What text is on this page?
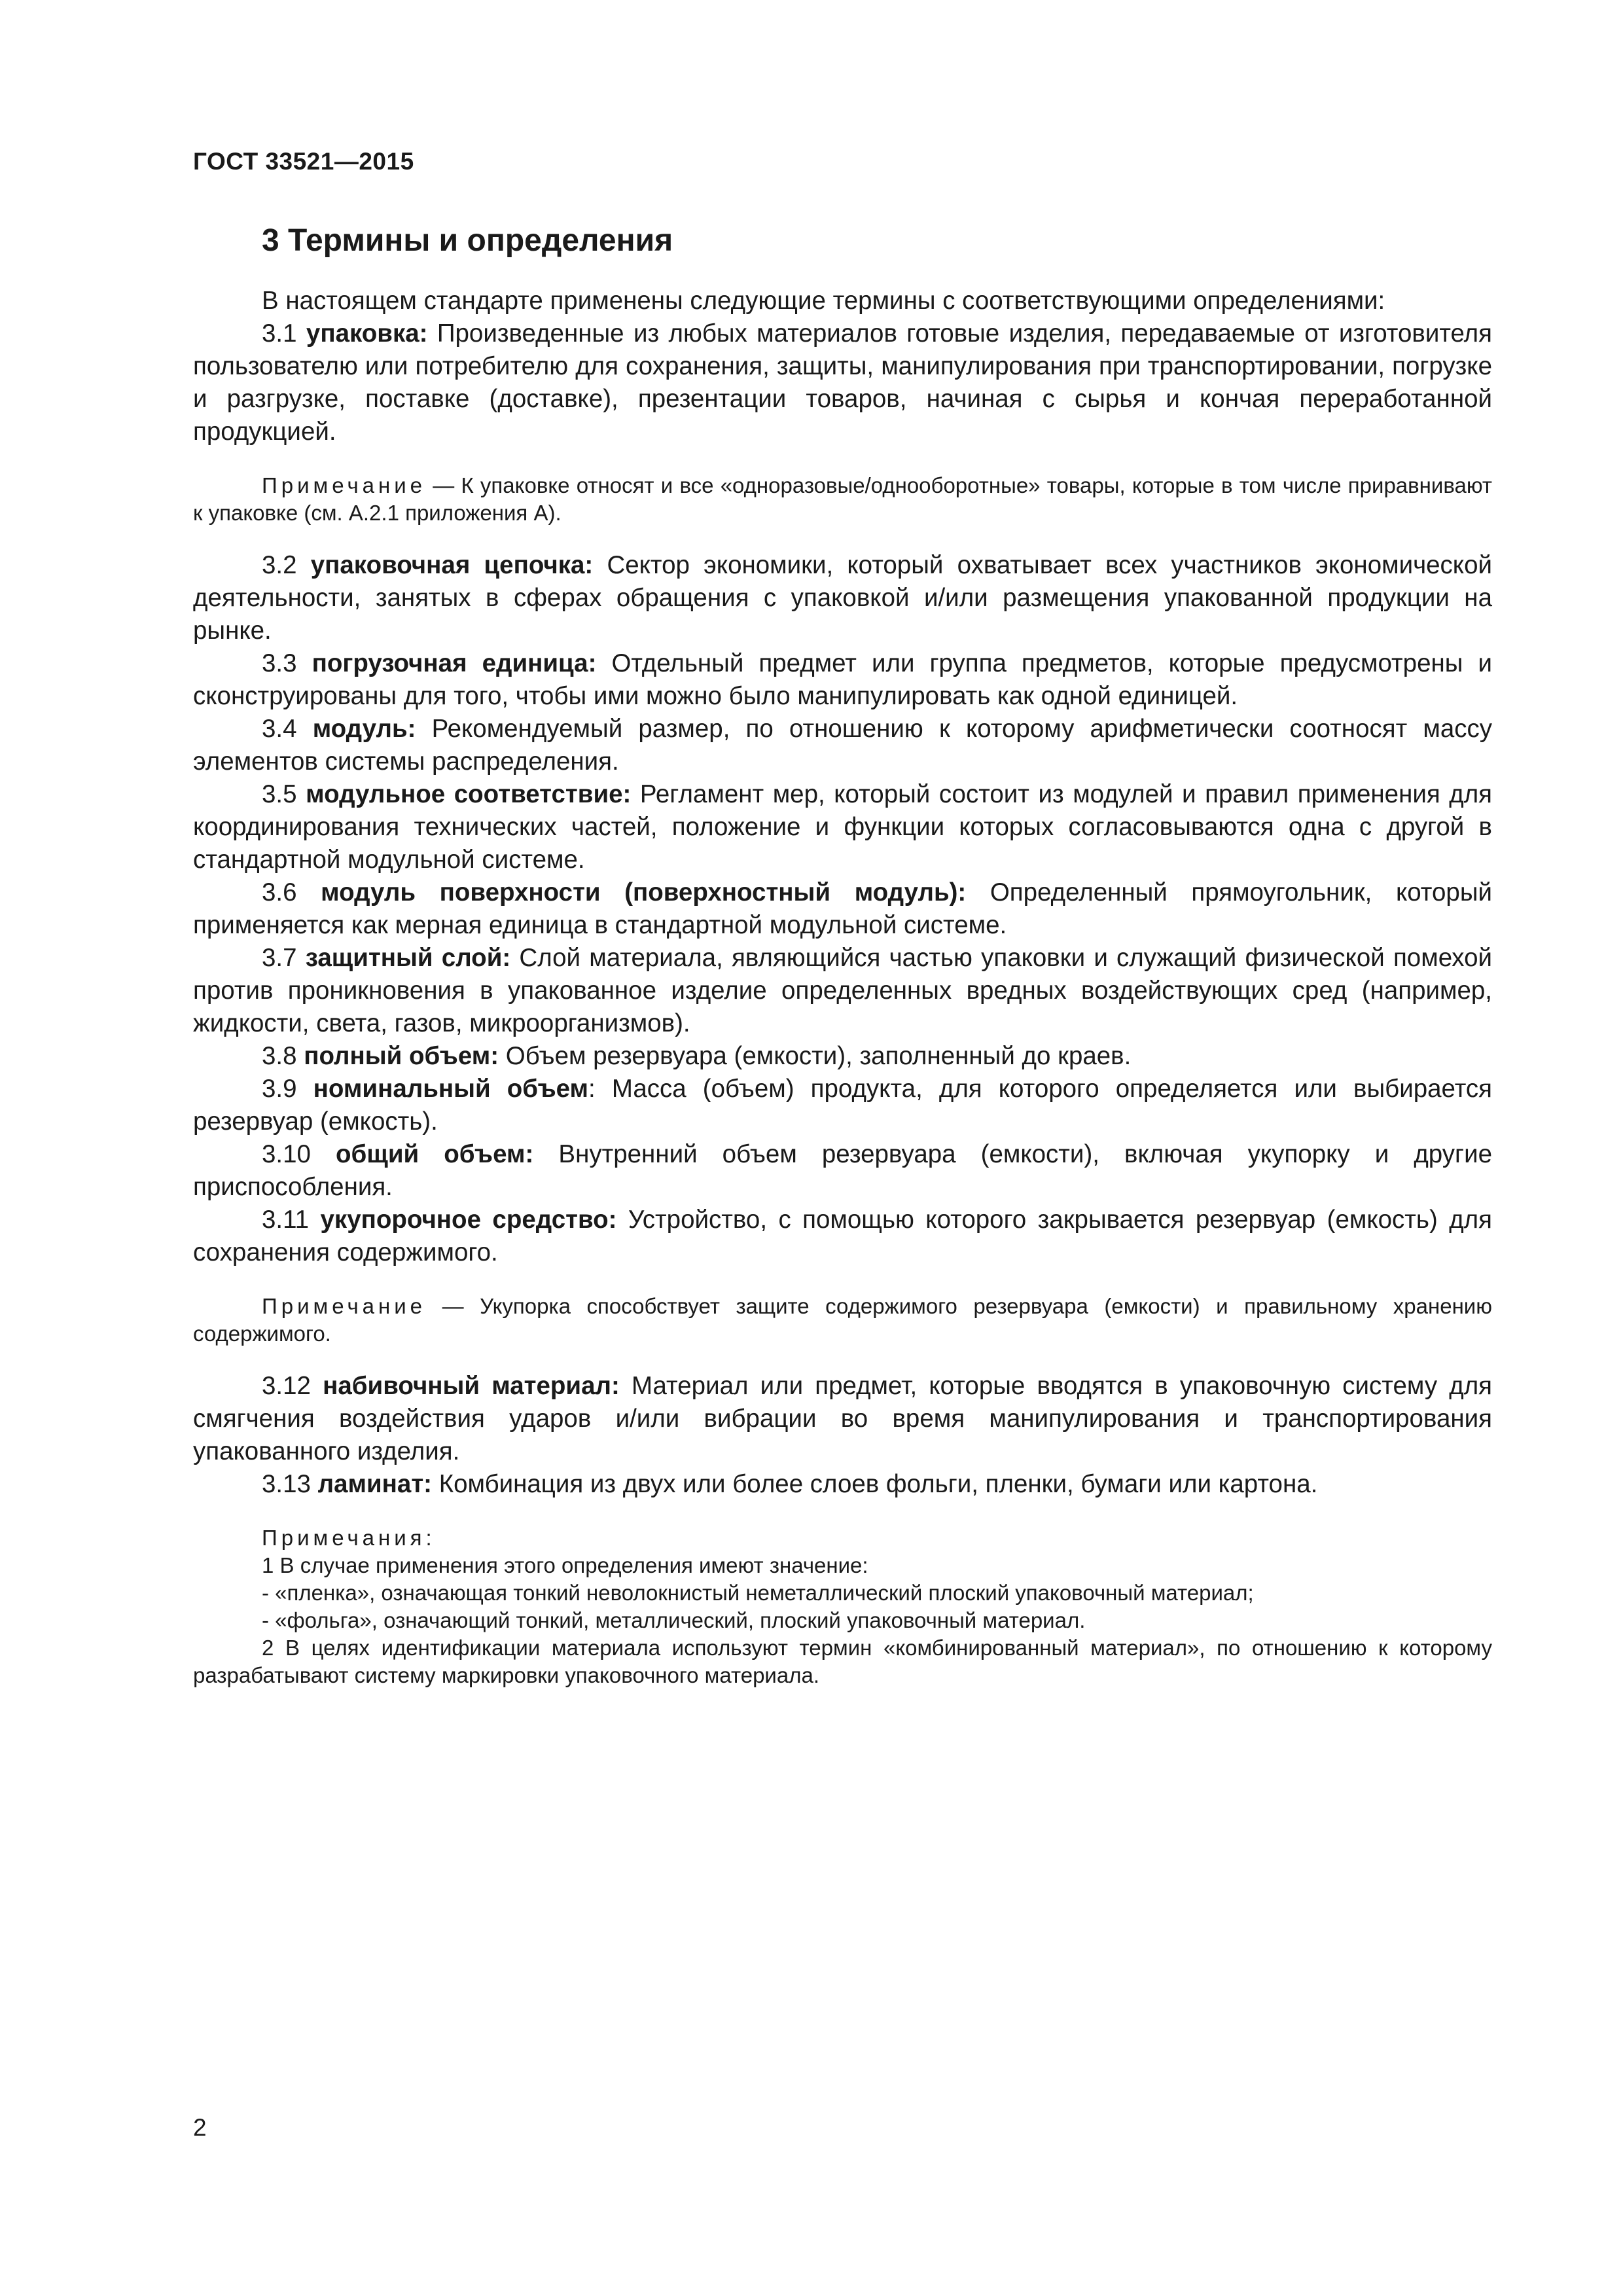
ГОСТ 33521—2015
3 Термины и определения

В настоящем стандарте применены следующие термины с соответствующими определениями:

3.1 упаковка: Произведенные из любых материалов готовые изделия, передаваемые от изготовителя пользователю или потребителю для сохранения, защиты, манипулирования при транспортировании, погрузке и разгрузке, поставке (доставке), презентации товаров, начиная с сырья и кончая переработанной продукцией.

Примечание — К упаковке относят и все «одноразовые/однооборотные» товары, которые в том числе приравнивают к упаковке (см. А.2.1 приложения А).

3.2 упаковочная цепочка: Сектор экономики, который охватывает всех участников экономической деятельности, занятых в сферах обращения с упаковкой и/или размещения упакованной продукции на рынке.

3.3 погрузочная единица: Отдельный предмет или группа предметов, которые предусмотрены и сконструированы для того, чтобы ими можно было манипулировать как одной единицей.

3.4 модуль: Рекомендуемый размер, по отношению к которому арифметически соотносят массу элементов системы распределения.

3.5 модульное соответствие: Регламент мер, который состоит из модулей и правил применения для координирования технических частей, положение и функции которых согласовываются одна с другой в стандартной модульной системе.

3.6 модуль поверхности (поверхностный модуль): Определенный прямоугольник, который применяется как мерная единица в стандартной модульной системе.

3.7 защитный слой: Слой материала, являющийся частью упаковки и служащий физической помехой против проникновения в упакованное изделие определенных вредных воздействующих сред (например, жидкости, света, газов, микроорганизмов).

3.8 полный объем: Объем резервуара (емкости), заполненный до краев.

3.9 номинальный объем: Масса (объем) продукта, для которого определяется или выбирается резервуар (емкость).

3.10 общий объем: Внутренний объем резервуара (емкости), включая укупорку и другие приспособления.

3.11 укупорочное средство: Устройство, с помощью которого закрывается резервуар (емкость) для сохранения содержимого.

Примечание — Укупорка способствует защите содержимого резервуара (емкости) и правильному хранению содержимого.

3.12 набивочный материал: Материал или предмет, которые вводятся в упаковочную систему для смягчения воздействия ударов и/или вибрации во время манипулирования и транспортирования упакованного изделия.

3.13 ламинат: Комбинация из двух или более слоев фольги, пленки, бумаги или картона.

Примечания:
1 В случае применения этого определения имеют значение:
- «пленка», означающая тонкий неволокнистый неметаллический плоский упаковочный материал;
- «фольга», означающий тонкий, металлический, плоский упаковочный материал.
2 В целях идентификации материала используют термин «комбинированный материал», по отношению к которому разрабатывают систему маркировки упаковочного материала.
2
